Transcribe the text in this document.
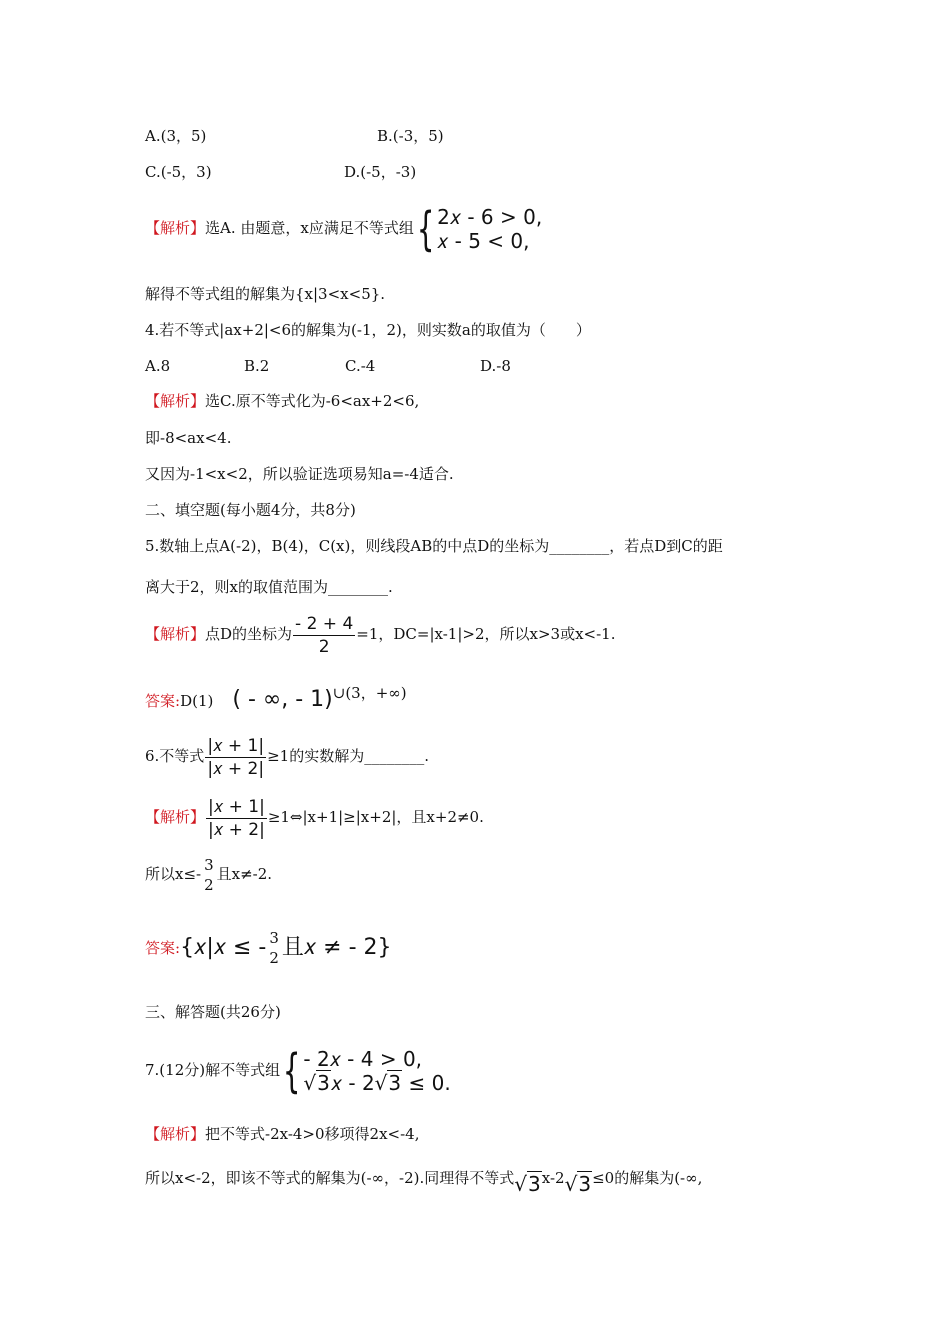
A.(3，5)	B.(-3，5)
C.(-5，3)	D.(-5，-3)
【解析】选A. 由题意，x应满足不等式组{ 2𝑥 - 6 > 0,
𝑥 - 5 < 0,
解得不等式组的解集为{x|3<x<5}.
4.若不等式|ax+2|<6的解集为(-1，2)，则实数a的取值为（　　）
A.8	B.2	C.-4	D.-8
【解析】选C.原不等式化为-6<ax+2<6,
即-8<ax<4.
又因为-1<x<2，所以验证选项易知a=-4适合.
二、填空题(每小题4分，共8分)
5.数轴上点A(-2)，B(4)，C(x)，则线段AB的中点D的坐标为________，若点D到C的距
离大于2，则x的取值范围为________.
【解析】点D的坐标为 $\frac{- 2 + 4}{2} =1$，DC=|x-1|>2，所以x>3或x<-1.
答案:D(1) ( - ∞, - 1)∪(3，+∞)
6.不等式 $\frac{\text{|𝑥 + 1|}}{\text{|𝑥 + 2|}} \ge 1$的实数解为________.
【解析】 $\frac{\text{|𝑥 + 1|}}{\text{|𝑥 + 2|}}$ ≥1⇔|x+1|≥|x+2|，且x+2≠0.
所以x≤- 3
2
且x≠-2.
答案:{𝑥|𝑥 ≤ - 3
2 且𝑥 ≠ - 2}
三、解答题(共26分)
7.(12分)解不等式组{ - 2𝑥 - 4 > 0,
√3𝑥 - 2√3 ≤ 0.
【解析】把不等式-2x-4>0移项得2x<-4,
所以x<-2，即该不等式的解集为(-∞，-2).同理得不等式√3x-2√3≤0的解集为(-∞,
